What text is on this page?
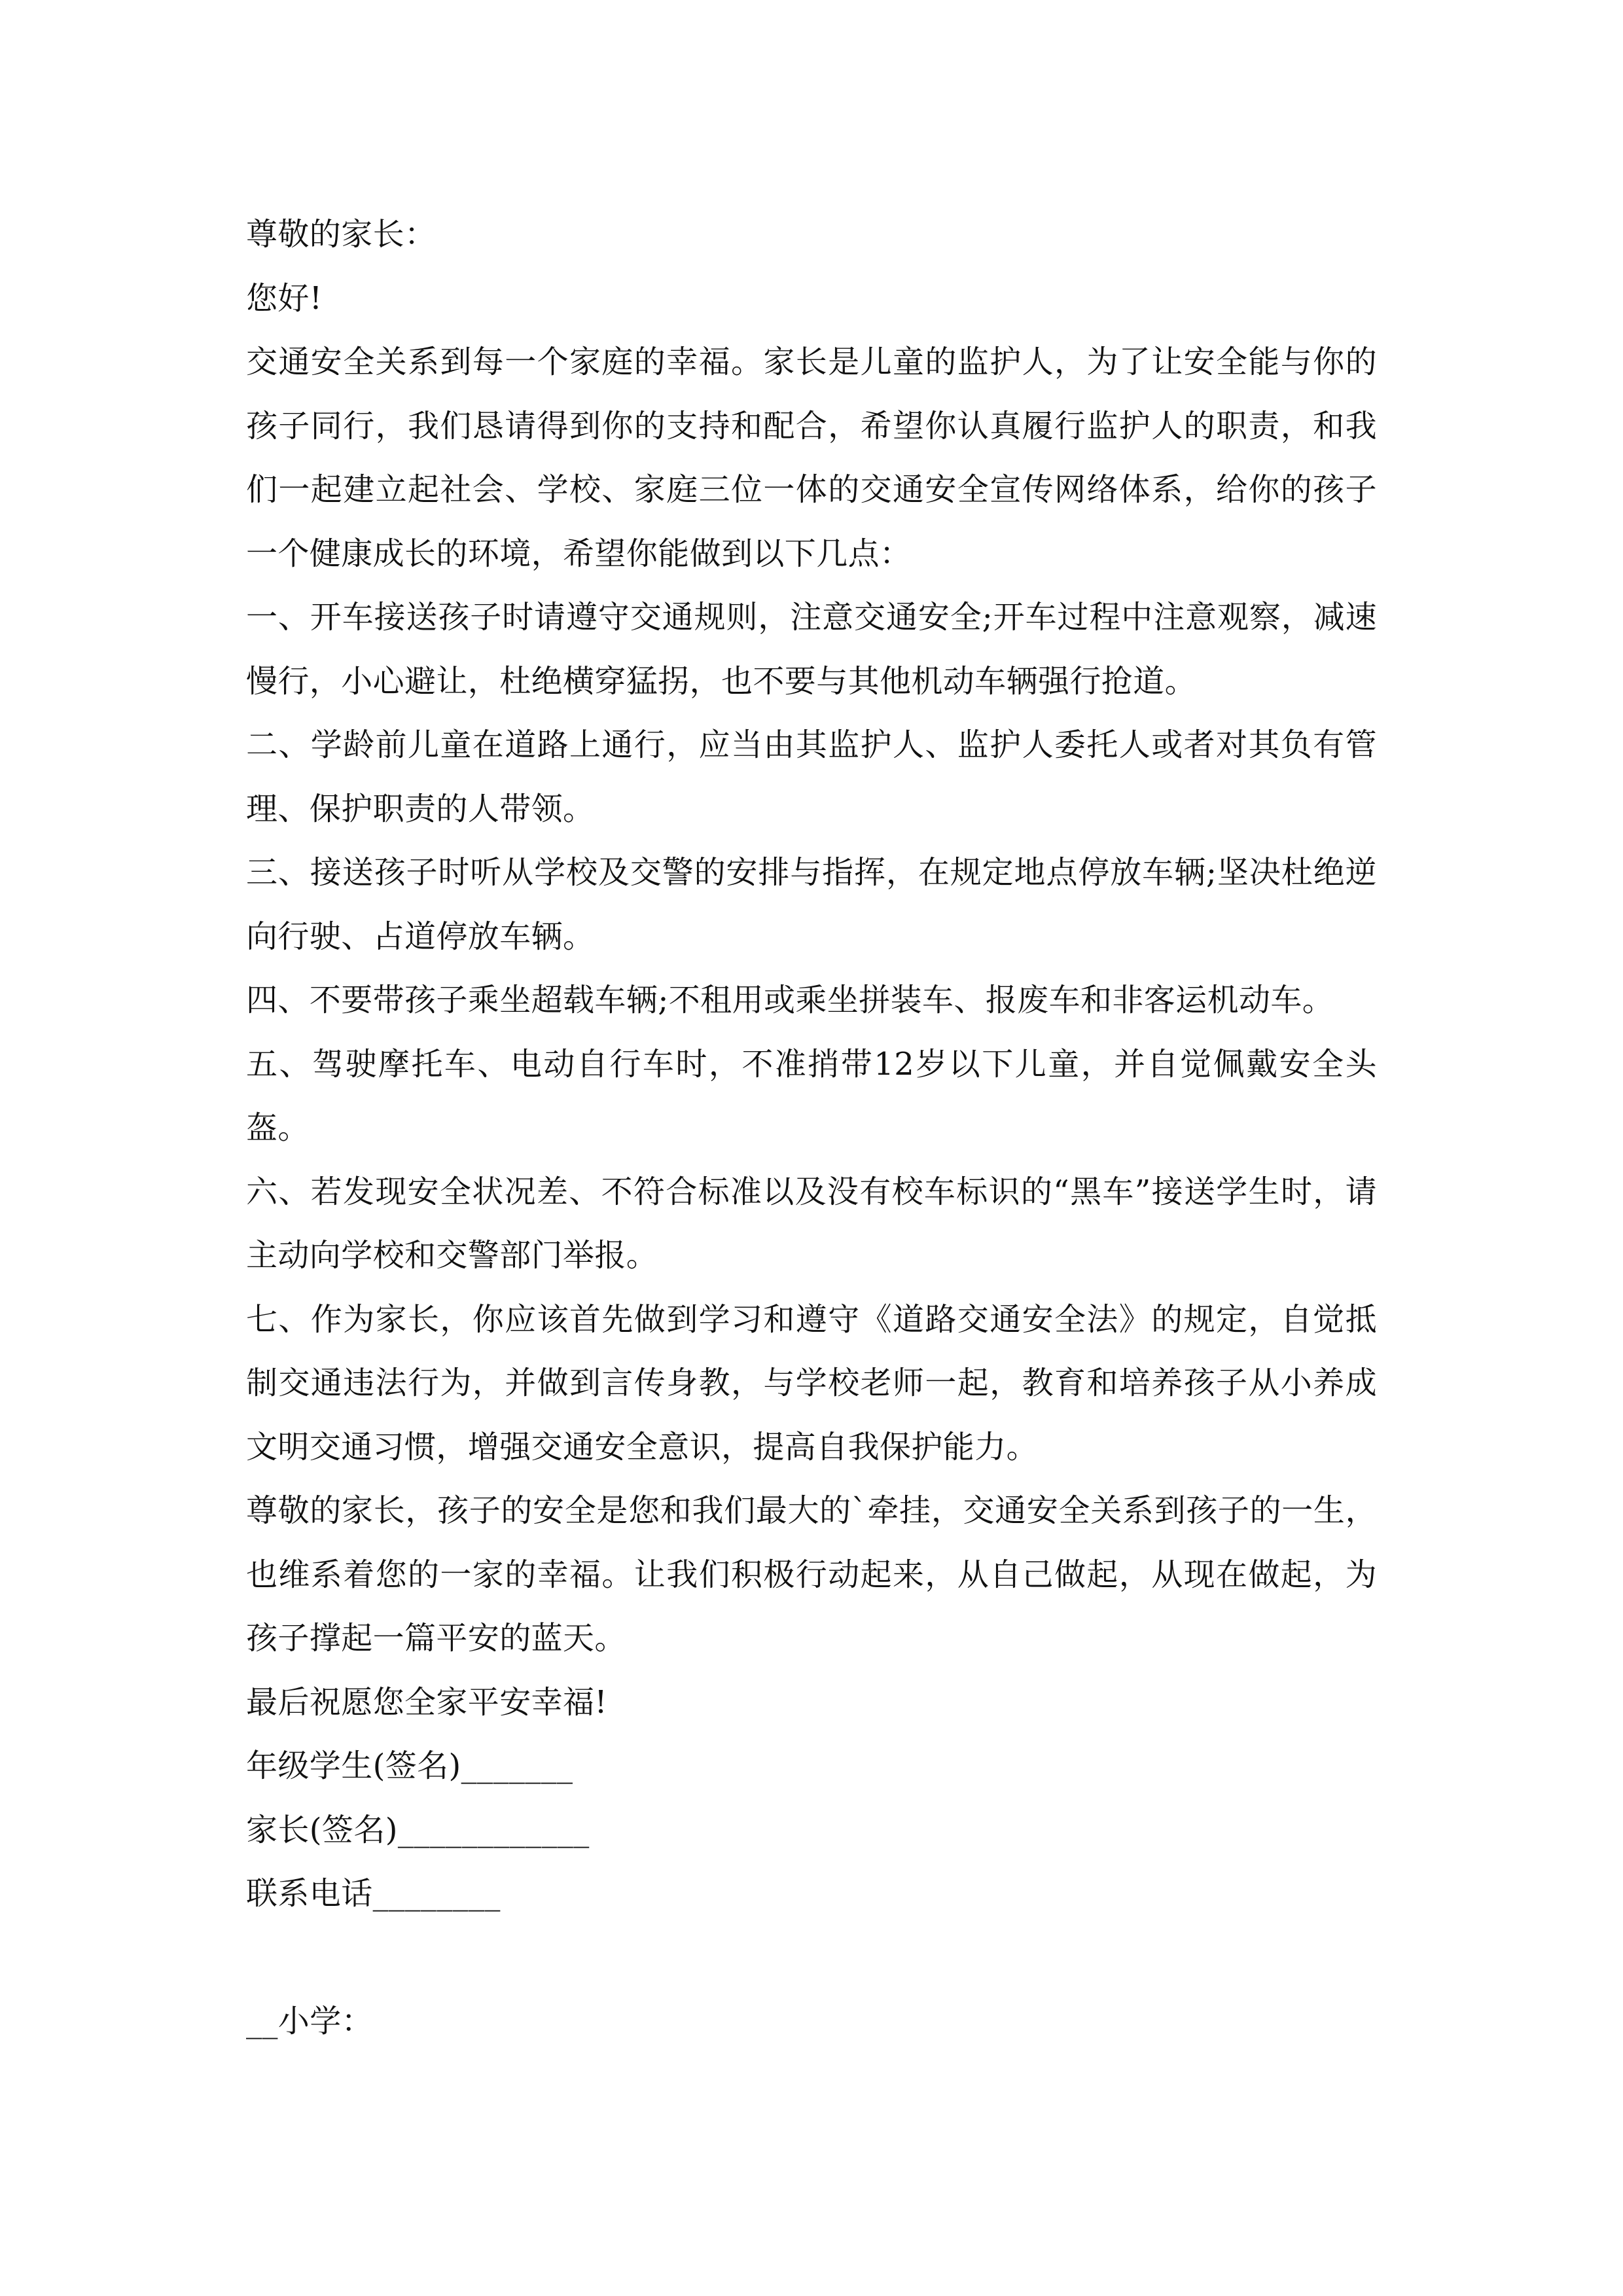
尊敬的家长：

您好!

交通安全关系到每一个家庭的幸福。家长是儿童的监护人，为了让安全能与你的孩子同行，我们恳请得到你的支持和配合，希望你认真履行监护人的职责，和我们一起建立起社会、学校、家庭三位一体的交通安全宣传网络体系，给你的孩子一个健康成长的环境，希望你能做到以下几点：

一、开车接送孩子时请遵守交通规则，注意交通安全;开车过程中注意观察，减速慢行，小心避让，杜绝横穿猛拐，也不要与其他机动车辆强行抢道。

二、学龄前儿童在道路上通行，应当由其监护人、监护人委托人或者对其负有管理、保护职责的人带领。

三、接送孩子时听从学校及交警的安排与指挥，在规定地点停放车辆;坚决杜绝逆向行驶、占道停放车辆。

四、不要带孩子乘坐超载车辆;不租用或乘坐拼装车、报废车和非客运机动车。

五、驾驶摩托车、电动自行车时，不准捎带12岁以下儿童，并自觉佩戴安全头盔。

六、若发现安全状况差、不符合标准以及没有校车标识的“黑车”接送学生时，请主动向学校和交警部门举报。

七、作为家长，你应该首先做到学习和遵守《道路交通安全法》的规定，自觉抵制交通违法行为，并做到言传身教，与学校老师一起，教育和培养孩子从小养成文明交通习惯，增强交通安全意识，提高自我保护能力。

尊敬的家长，孩子的安全是您和我们最大的`牵挂，交通安全关系到孩子的一生，也维系着您的一家的幸福。让我们积极行动起来，从自己做起，从现在做起，为孩子撑起一篇平安的蓝天。

最后祝愿您全家平安幸福!

年级学生(签名)_______

家长(签名)____________

联系电话________

__小学：
